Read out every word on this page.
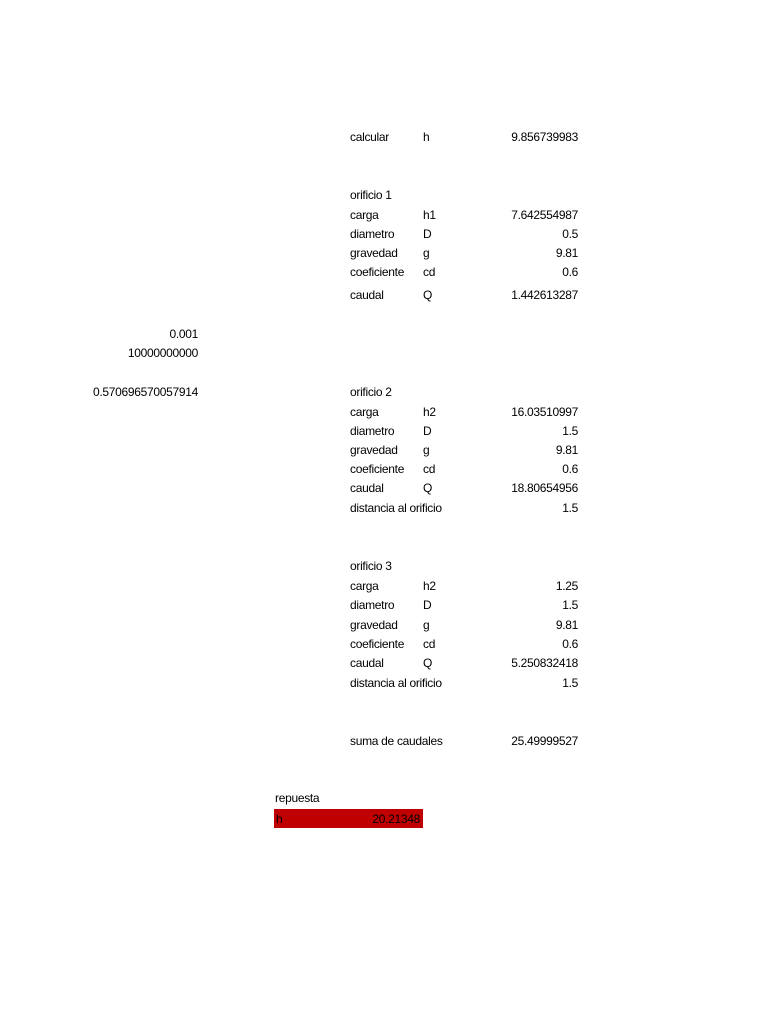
calcular	h	9.856739983
orificio 1
carga	h1	7.642554987
diametro D	0.5
gravedad g	9.81
coeficiente cd	0.6
caudal	Q	1.442613287
0.001
10000000000
0.570696570057914	orificio 2
carga	h2	16.03510997
diametro D	1.5
gravedad g	9.81
coeficiente cd	0.6
caudal	Q	18.80654956
distancia al orificio	1.5
orificio 3
carga	h2	1.25
diametro D	1.5
gravedad g	9.81
coeficiente cd	0.6
caudal	Q	5.250832418
distancia al orificio	1.5
suma de caudales	25.49999527
repuesta
h	20.21348
